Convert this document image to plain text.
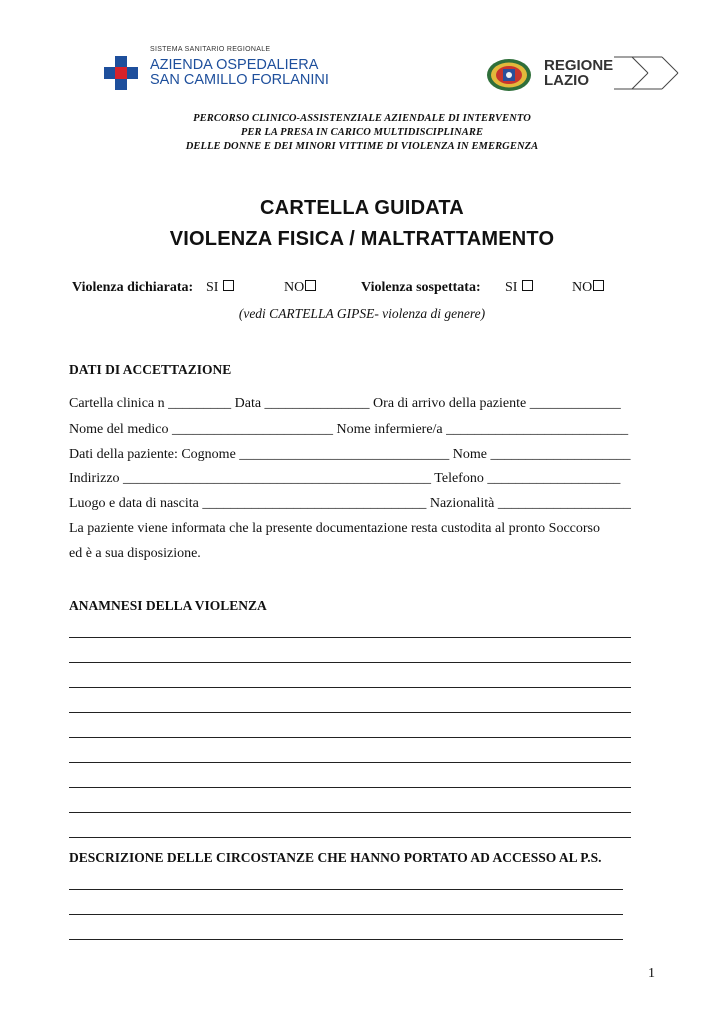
SISTEMA SANITARIO REGIONALE
AZIENDA OSPEDALIERA
SAN CAMILLO FORLANINI
REGIONE
LAZIO
PERCORSO CLINICO-ASSISTENZIALE AZIENDALE DI INTERVENTO
PER LA PRESA IN CARICO MULTIDISCIPLINARE
DELLE DONNE E DEI MINORI VITTIME DI VIOLENZA IN EMERGENZA
CARTELLA GUIDATA
VIOLENZA FISICA / MALTRATTAMENTO
Violenza dichiarata: SI	NO	Violenza sospettata: SI	NO
(vedi CARTELLA GIPSE- violenza di genere)
DATI DI ACCETTAZIONE
Cartella clinica n _________ Data _______________ Ora di arrivo della paziente _____________
Nome del medico _______________________ Nome infermiere/a __________________________
Dati della paziente: Cognome ______________________________ Nome ____________________
Indirizzo ____________________________________________ Telefono ___________________
Luogo e data di nascita ________________________________ Nazionalità ___________________
La paziente viene informata che la presente documentazione resta custodita al pronto Soccorso
ed è a sua disposizione.
ANAMNESI DELLA VIOLENZA
DESCRIZIONE DELLE CIRCOSTANZE CHE HANNO PORTATO AD ACCESSO AL P.S.
1
